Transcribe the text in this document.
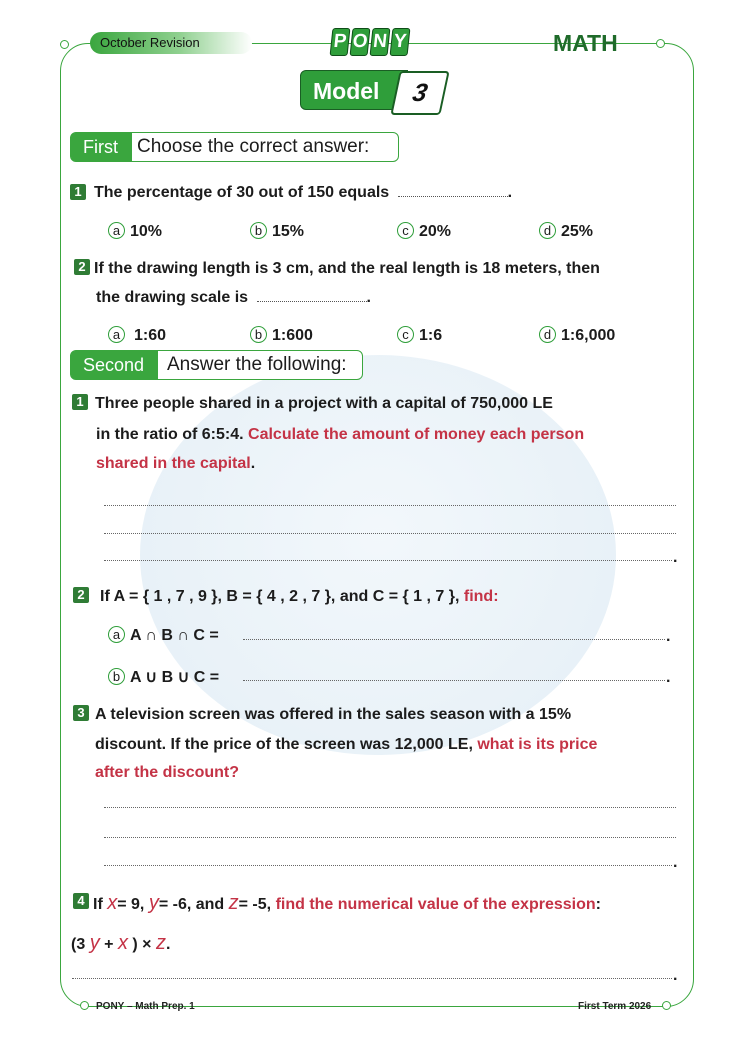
October Revision	P O N Y	MATH
Model	3
First	Choose the correct answer:
1 The percentage of 30 out of 150 equals	.
a 10%	b 15%	c 20%	d 25%
2 If the drawing length is 3 cm, and the real length is 18 meters, then
the drawing scale is	.
a 1:60	b 1:600	c 1:6	d 1:6,000
Second	Answer the following:
1 Three people shared in a project with a capital of 750,000 LE
in the ratio of 6:5:4. Calculate the amount of money each person
shared in the capital.
.
2 If A = { 1 , 7 , 9 }, B = { 4 , 2 , 7 }, and C = { 1 , 7 }, find:
a A ∩ B ∩ C =	.
b A ∪ B ∪ C =	.
3 A television screen was offered in the sales season with a 15%
discount. If the price of the screen was 12,000 LE, what is its price
after the discount?
.
4 If x= 9, y= -6, and z= -5, find the numerical value of the expression:
(3 y + x ) × z.
.
PONY – Math Prep. 1	First Term 2026
